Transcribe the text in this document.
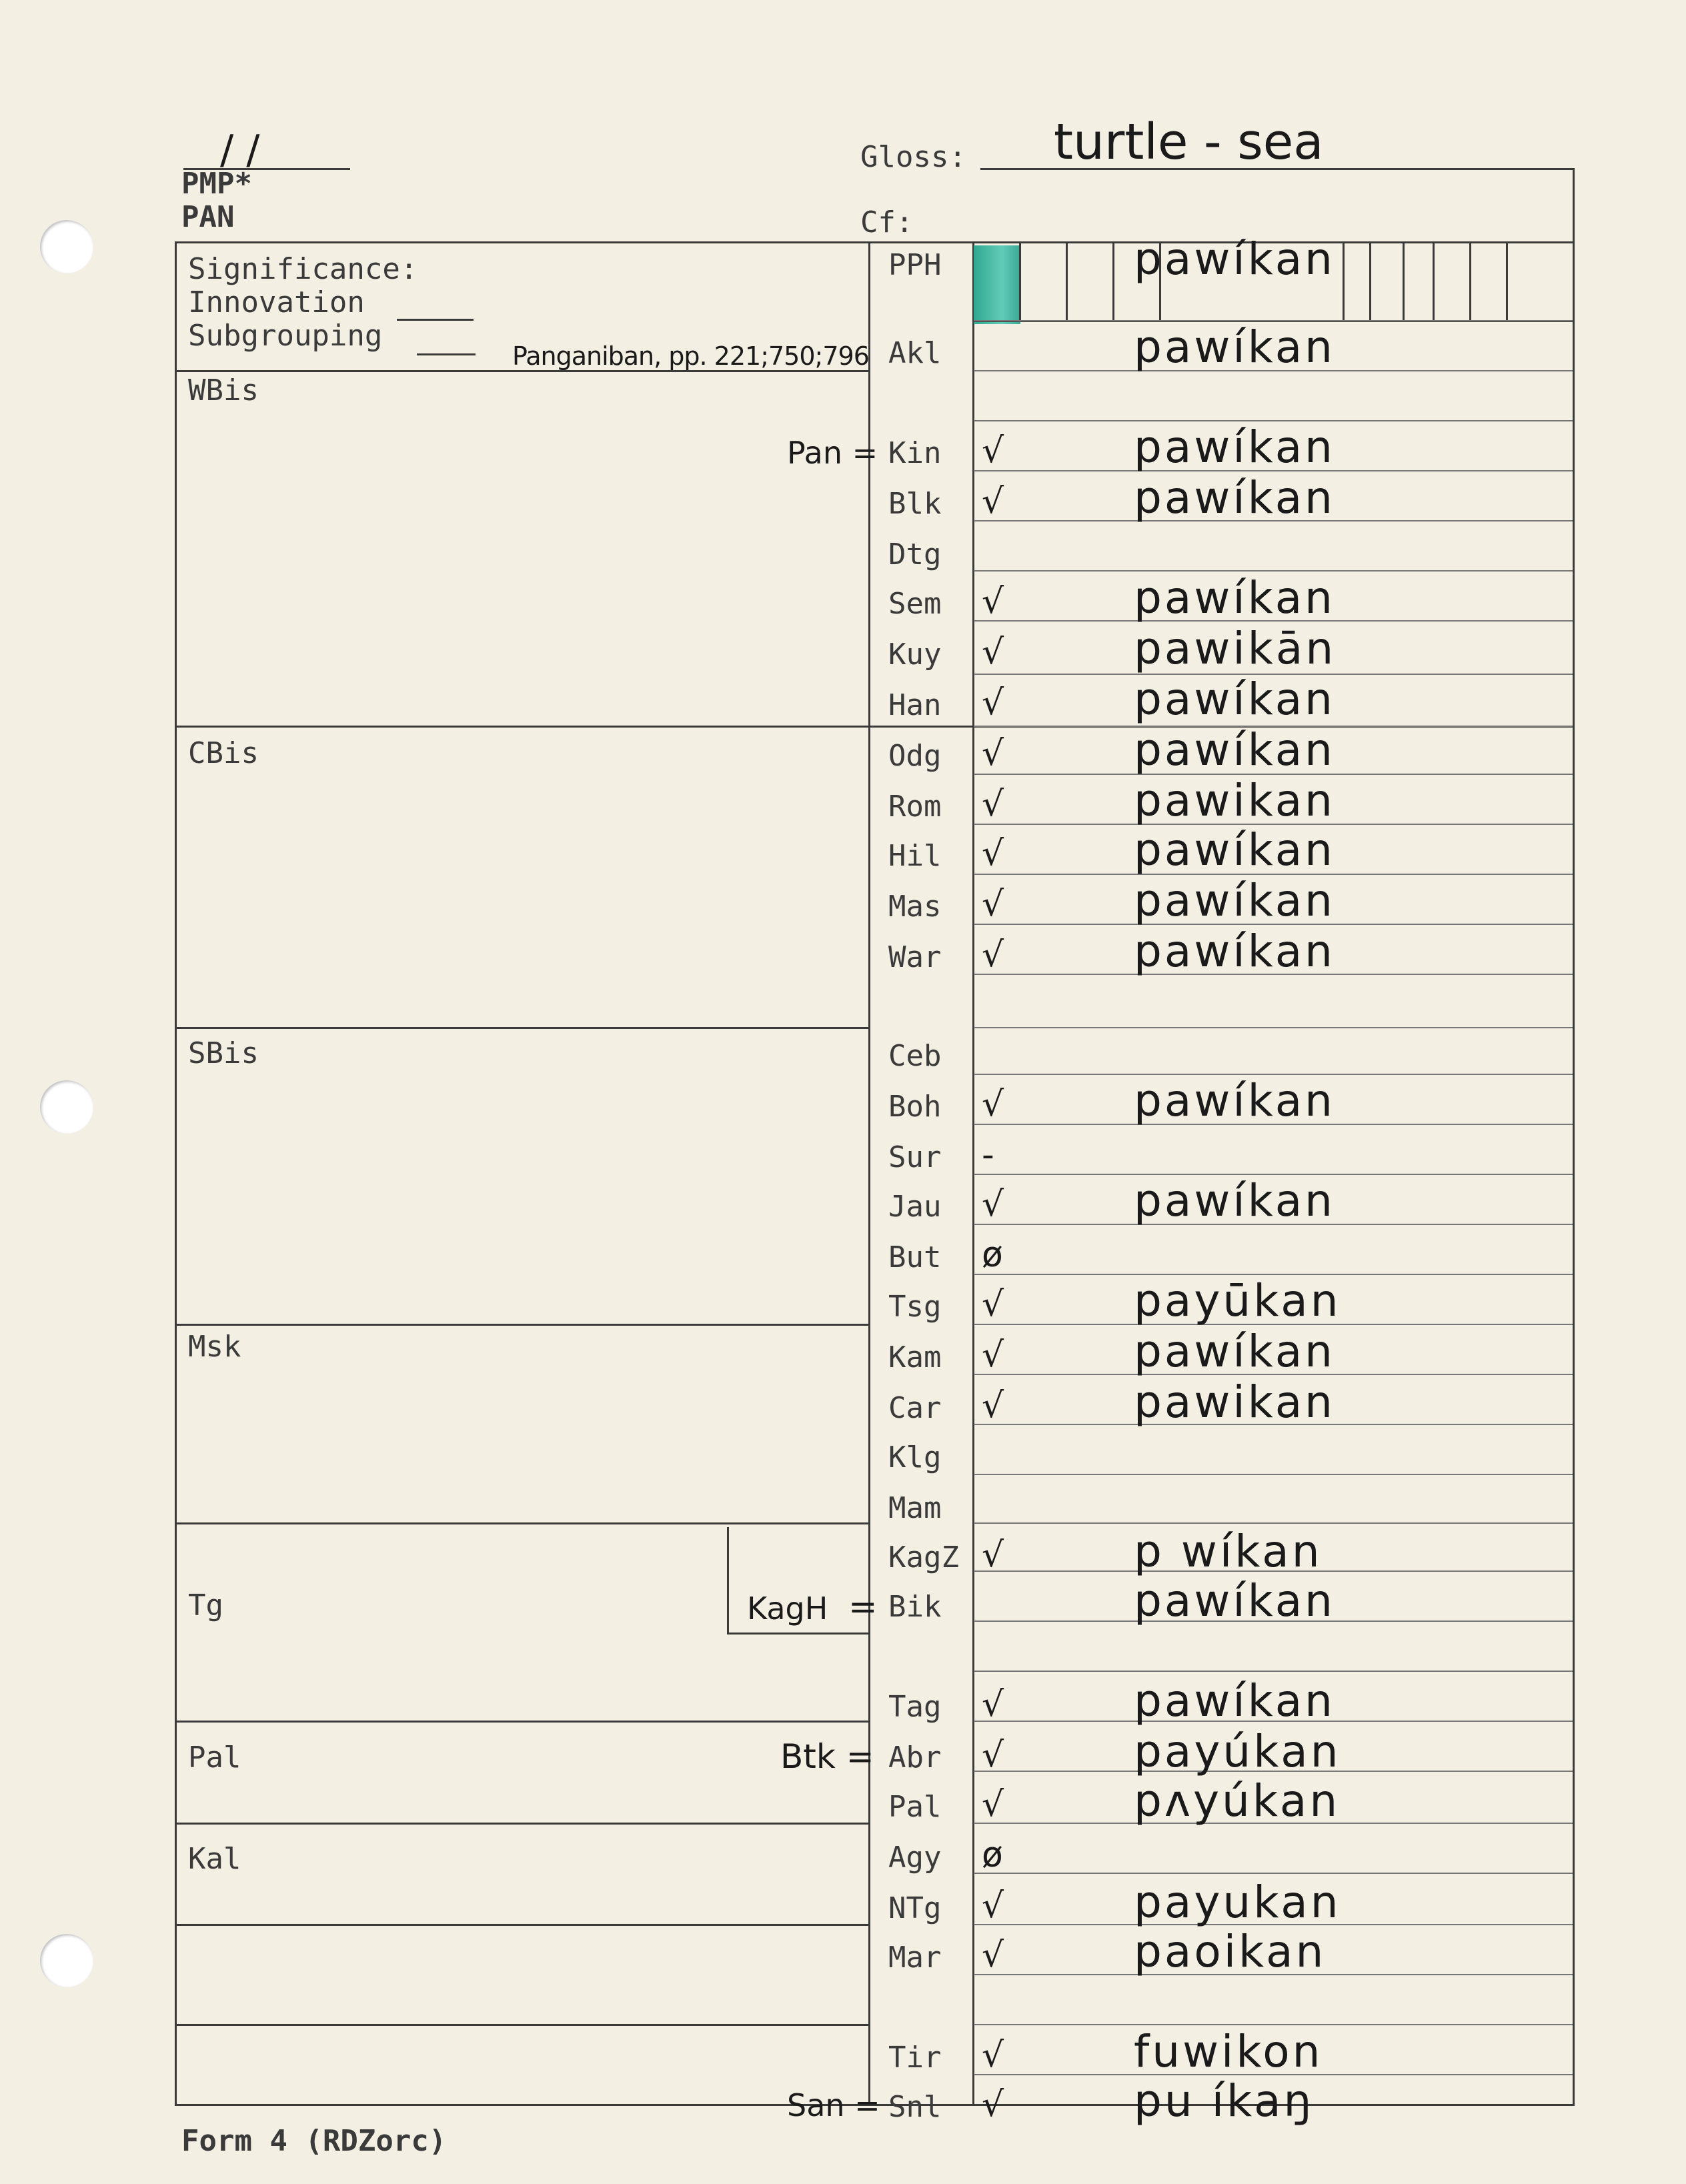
/ /
PMP*
PAN
Gloss: turtle - sea
Cf:
Significance:
Innovation
Subgrouping
Panganiban, pp. 221;750;796
WBis
CBis
SBis
Msk
Tg
Pal
Kal
Pan =
KagH =
Btk =
San =
PPH	pawíkan
Akl	pawíkan
Kin √	pawíkan
Blk √	pawíkan
Dtg
Sem √	pawíkan
Kuy √	pawikān
Han √	pawíkan
Odg √	pawíkan
Rom √	pawikan
Hil √	pawíkan
Mas √	pawíkan
War √	pawíkan
Ceb
Boh √	pawíkan
Sur -
Jau √	pawíkan
But ø
Tsg √	payūkan
Kam √	pawíkan
Car √	pawikan
Klg
Mam
KagZ √	p wíkan
Bik	pawíkan
Tag √	pawíkan
Abr √	payúkan
Pal √	pʌyúkan
Agy ø
NTg √	payukan
Mar √	paoikan
Tir √	fuwikon
Snl √	pu íkaŋ
Form 4 (RDZorc)
